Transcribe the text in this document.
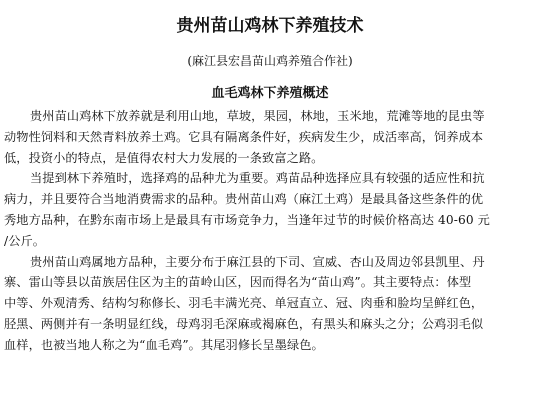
贵州苗山鸡林下养殖技术
(麻江县宏昌苗山鸡养殖合作社)
血毛鸡林下养殖概述

贵州苗山鸡林下放养就是利用山地，草坡，果园，林地，玉米地，荒滩等地的昆虫等
动物性饲料和天然青料放养土鸡。它具有隔离条件好，疾病发生少，成活率高，饲养成本
低，投资小的特点，是值得农村大力发展的一条致富之路。

当提到林下养殖时，选择鸡的品种尤为重要。鸡苗品种选择应具有较强的适应性和抗
病力，并且要符合当地消费需求的品种。贵州苗山鸡（麻江土鸡）是最具备这些条件的优
秀地方品种，在黔东南市场上是最具有市场竞争力，当逢年过节的时候价格高达 40-60 元
/公斤。

贵州苗山鸡属地方品种，主要分布于麻江县的下司、宣威、杏山及周边邻县凯里、丹
寨、雷山等县以苗族居住区为主的苗岭山区，因而得名为“苗山鸡”。其主要特点：体型
中等、外观清秀、结构匀称修长、羽毛丰满光亮、单冠直立、冠、肉垂和脸均呈鲜红色，
胫黑、两侧并有一条明显红线，母鸡羽毛深麻或褐麻色，有黑头和麻头之分；公鸡羽毛似
血样，也被当地人称之为“血毛鸡”。其尾羽修长呈墨绿色。
